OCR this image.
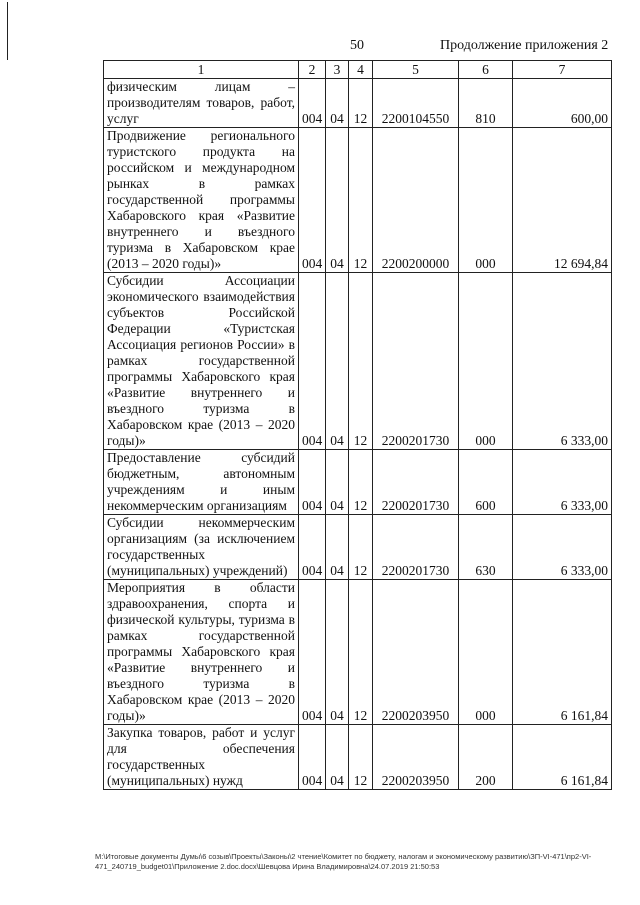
50	Продолжение приложения 2
1	2	3	4	5	6	7
физическим лицам – производителям товаров, работ, услуг	004	04	12	2200104550	810	600,00
Продвижение регионального туристского продукта на российском и международном рынках в рамках государственной программы Хабаровского края «Развитие внутреннего и въездного туризма в Хабаровском крае (2013 – 2020 годы)»	004	04	12	2200200000	000	12 694,84
Субсидии Ассоциации экономического взаимодействия субъектов Российской Федерации «Туристская Ассоциация регионов России» в рамках государственной программы Хабаровского края «Развитие внутреннего и въездного туризма в Хабаровском крае (2013 – 2020 годы)»	004	04	12	2200201730	000	6 333,00
Предоставление субсидий бюджетным, автономным учреждениям и иным некоммерческим организациям	004	04	12	2200201730	600	6 333,00
Субсидии некоммерческим организациям (за исключением государственных (муниципальных) учреждений)	004	04	12	2200201730	630	6 333,00
Мероприятия в области здравоохранения, спорта и физической культуры, туризма в рамках государственной программы Хабаровского края «Развитие внутреннего и въездного туризма в Хабаровском крае (2013 – 2020 годы)»	004	04	12	2200203950	000	6 161,84
Закупка товаров, работ и услуг для обеспечения государственных (муниципальных) нужд	004	04	12	2200203950	200	6 161,84
M:\Итоговые документы Думы\6 созыв\Проекты\Законы\2 чтение\Комитет по бюджету, налогам и экономическому развитию\ЗП-VI-471\пр2-VI-471_240719_budget01\Приложение 2.doc.docx\Шевцова Ирина Владимировна\24.07.2019 21:50:53
